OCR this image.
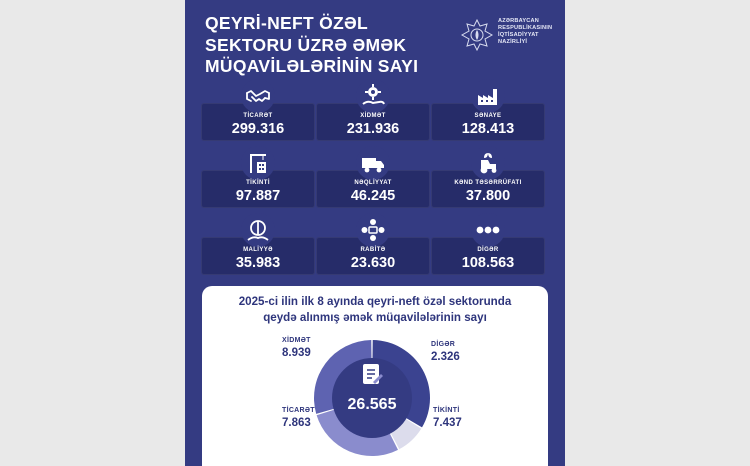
QEYRİ-NEFT ÖZƏL
SEKTORU ÜZRƏ ƏMƏK
MÜQAVİLƏLƏRİNİN SAYI
AZƏRBAYCAN
RESPUBLİKASININ
İQTİSADİYYAT
NAZİRLİYİ
TİCARƏT
299.316
XİDMƏT
231.936
SƏNAYE
128.413
TİKİNTİ
97.887
NƏQLİYYAT
46.245
KƏND TƏSƏRRÜFATI
37.800
MALİYYƏ
35.983
RABİTƏ
23.630
DİGƏR
108.563
2025-ci ilin ilk 8 ayında qeyri-neft özəl sektorunda
qeydə alınmış əmək müqavilələrinin sayı
26.565
XİDMƏT
8.939
DİGƏR
2.326
TİKİNTİ
7.437
TİCARƏT
7.863
